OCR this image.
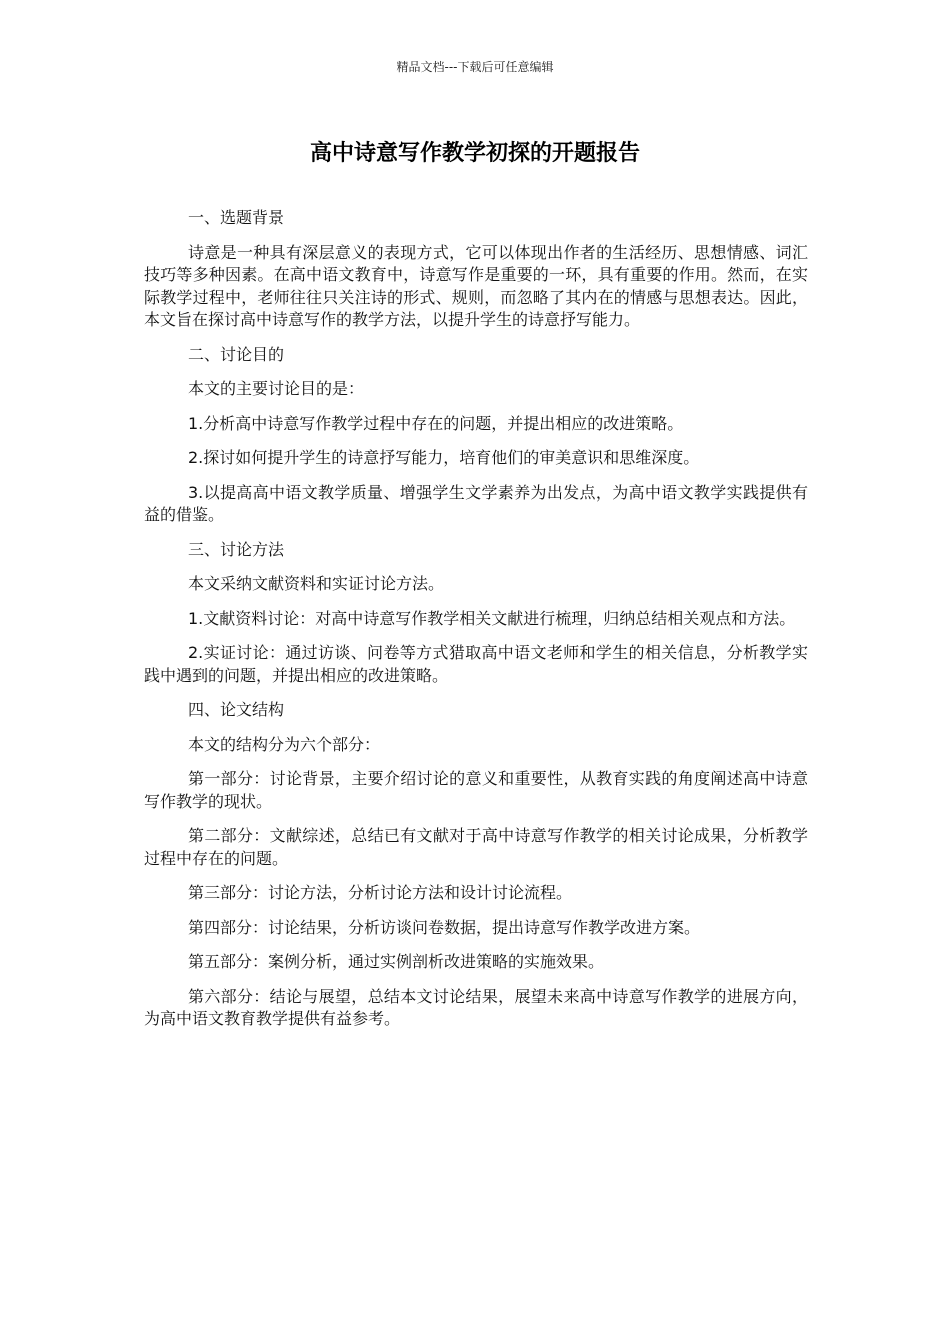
精品文档---下载后可任意编辑
高中诗意写作教学初探的开题报告

一、选题背景

诗意是一种具有深层意义的表现方式，它可以体现出作者的生活经历、思想情感、词汇技巧等多种因素。在高中语文教育中，诗意写作是重要的一环，具有重要的作用。然而，在实际教学过程中，老师往往只关注诗的形式、规则，而忽略了其内在的情感与思想表达。因此，本文旨在探讨高中诗意写作的教学方法，以提升学生的诗意抒写能力。

二、讨论目的

本文的主要讨论目的是：

1.分析高中诗意写作教学过程中存在的问题，并提出相应的改进策略。

2.探讨如何提升学生的诗意抒写能力，培育他们的审美意识和思维深度。

3.以提高高中语文教学质量、增强学生文学素养为出发点，为高中语文教学实践提供有益的借鉴。

三、讨论方法

本文采纳文献资料和实证讨论方法。

1.文献资料讨论：对高中诗意写作教学相关文献进行梳理，归纳总结相关观点和方法。

2.实证讨论：通过访谈、问卷等方式猎取高中语文老师和学生的相关信息，分析教学实践中遇到的问题，并提出相应的改进策略。

四、论文结构

本文的结构分为六个部分：

第一部分：讨论背景，主要介绍讨论的意义和重要性，从教育实践的角度阐述高中诗意写作教学的现状。

第二部分：文献综述，总结已有文献对于高中诗意写作教学的相关讨论成果，分析教学过程中存在的问题。

第三部分：讨论方法，分析讨论方法和设计讨论流程。

第四部分：讨论结果，分析访谈问卷数据，提出诗意写作教学改进方案。

第五部分：案例分析，通过实例剖析改进策略的实施效果。

第六部分：结论与展望，总结本文讨论结果，展望未来高中诗意写作教学的进展方向，为高中语文教育教学提供有益参考。
